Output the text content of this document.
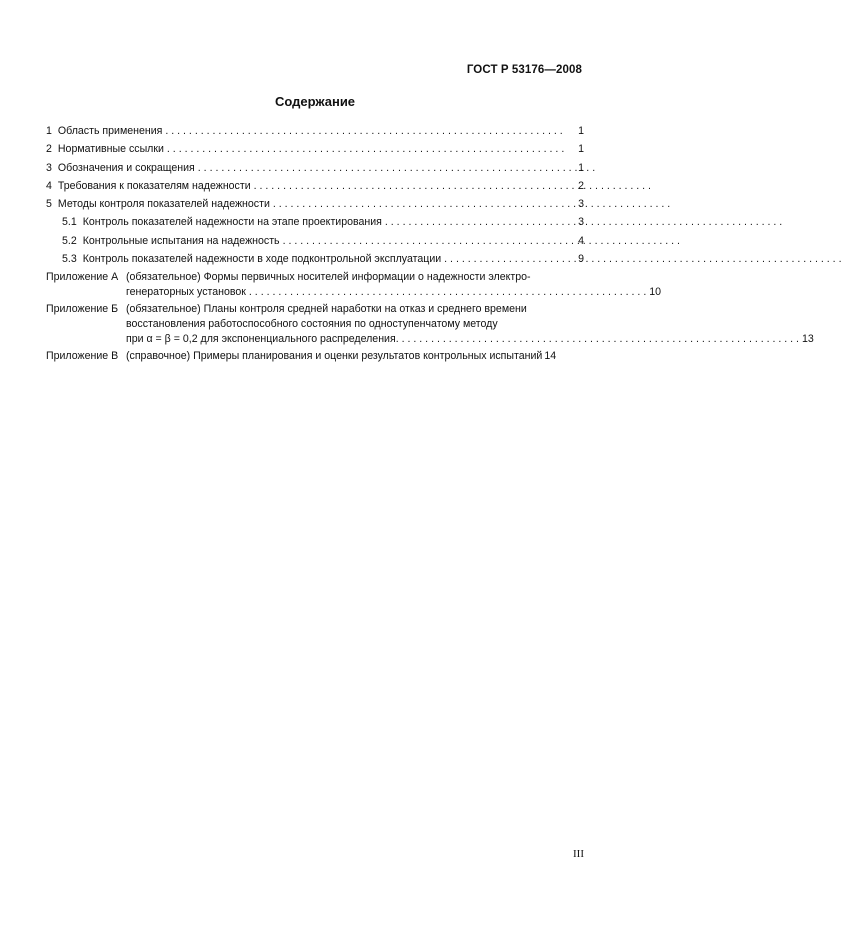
ГОСТ Р 53176—2008
Содержание
1 Область применения . . .	1
2 Нормативные ссылки . . .	1
3 Обозначения и сокращения . . .	1
4 Требования к показателям надежности . . .	2
5 Методы контроля показателей надежности . . .	3
5.1 Контроль показателей надежности на этапе проектирования . . .	3
5.2 Контрольные испытания на надежность . . .	4
5.3 Контроль показателей надежности в ходе подконтрольной эксплуатации . . .	9
Приложение А (обязательное) Формы первичных носителей информации о надежности электро-
генераторных установок . . .	10
Приложение Б (обязательное) Планы контроля средней наработки на отказ и среднего времени
восстановления работоспособного состояния по одноступенчатому методу
при α = β = 0,2 для экспоненциального распределения. . . .	13
Приложение В (справочное) Примеры планирования и оценки результатов контрольных испытаний 14
III
